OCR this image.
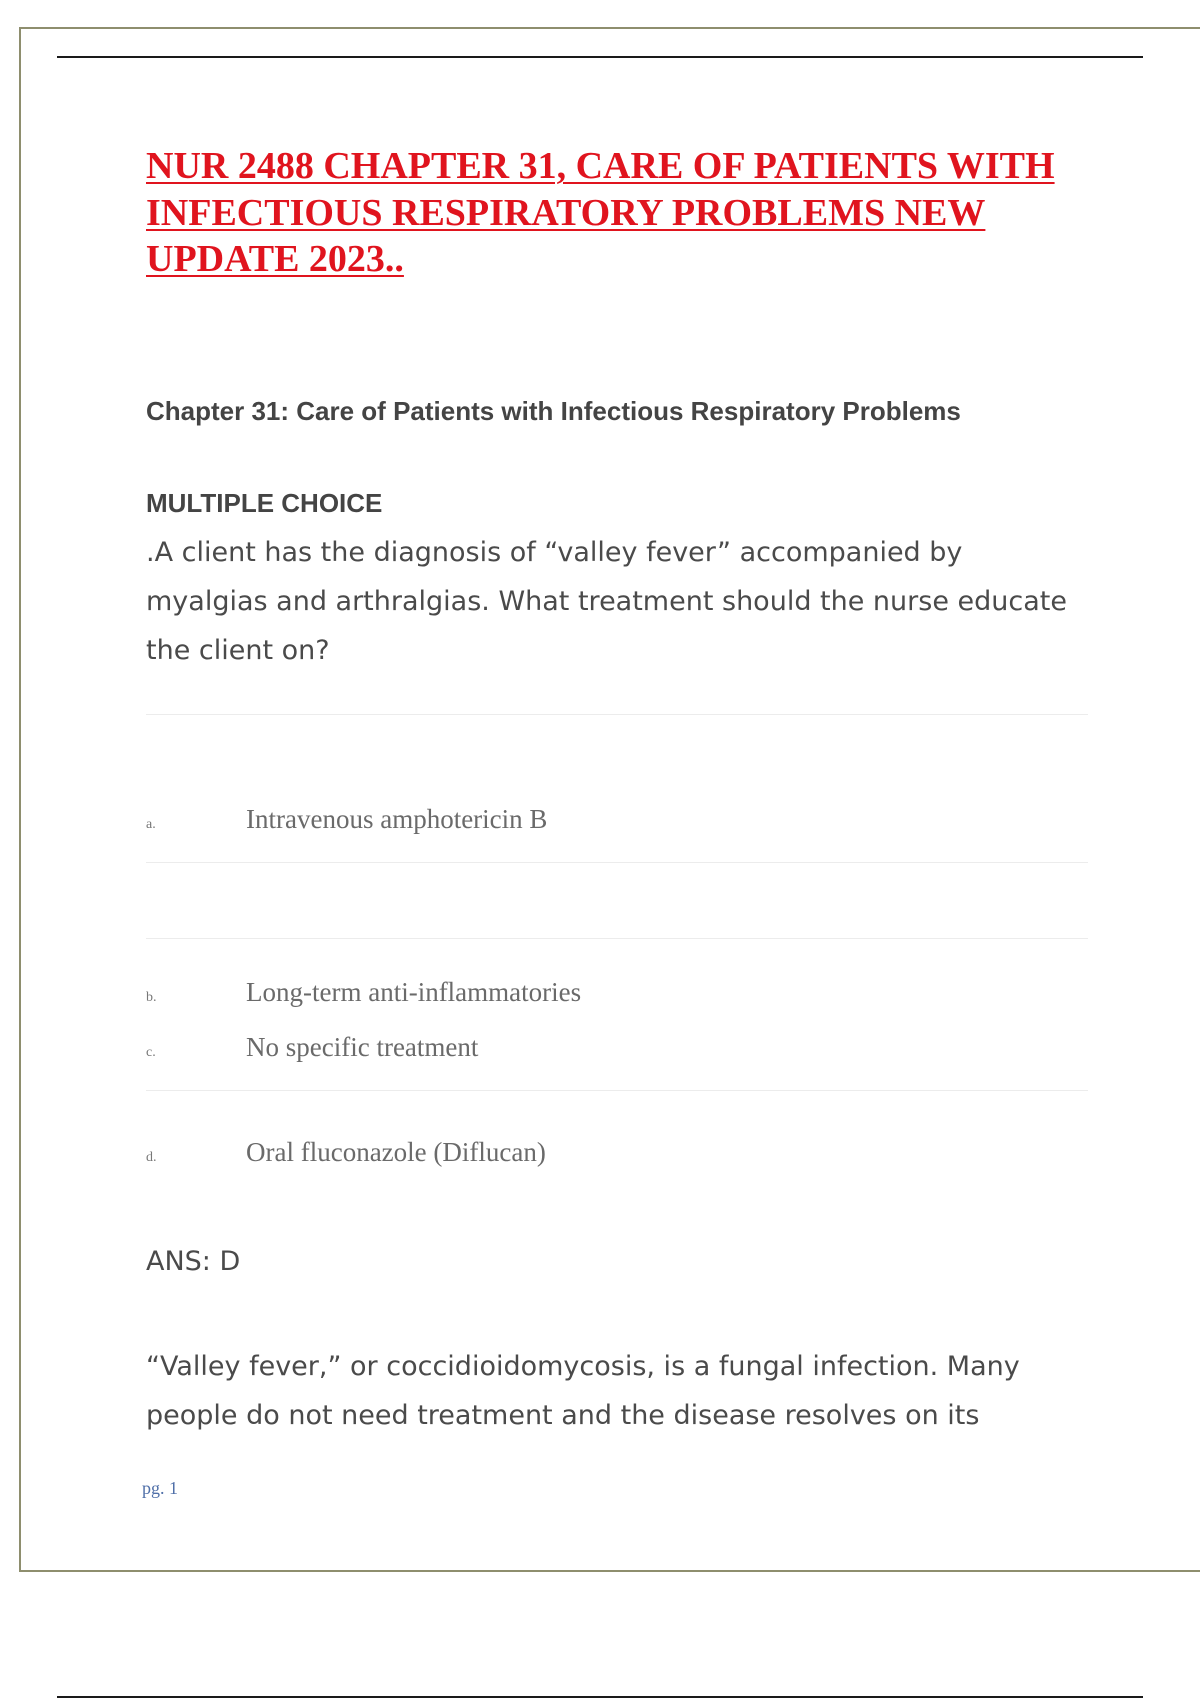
NUR 2488 CHAPTER 31, CARE OF PATIENTS WITH INFECTIOUS RESPIRATORY PROBLEMS NEW UPDATE 2023..
Chapter 31: Care of Patients with Infectious Respiratory Problems
MULTIPLE CHOICE
.A client has the diagnosis of “valley fever” accompanied by myalgias and arthralgias. What treatment should the nurse educate the client on?
a.	Intravenous amphotericin B
b.	Long-term anti-inflammatories
c.	No specific treatment
d.	Oral fluconazole (Diflucan)
ANS: D
“Valley fever,” or coccidioidomycosis, is a fungal infection. Many people do not need treatment and the disease resolves on its
pg. 1
